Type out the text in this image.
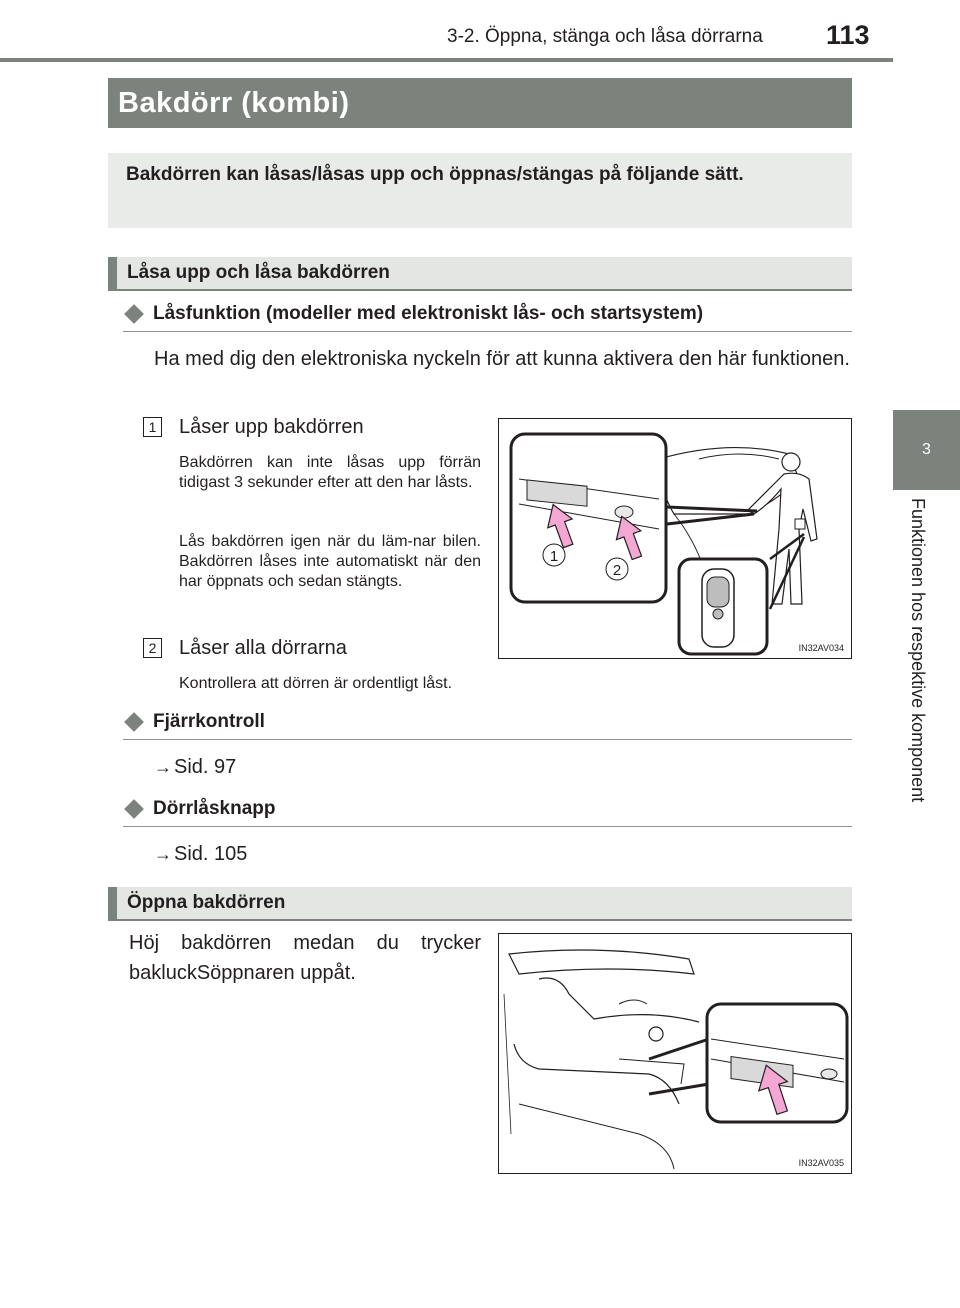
3-2. Öppna, stänga och låsa dörrarna 113
3
Funktionen hos respektive komponent
Bakdörr (kombi)
Bakdörren kan låsas/låsas upp och öppnas/stängas på följande sätt.
Låsa upp och låsa bakdörren
Låsfunktion (modeller med elektroniskt lås- och startsystem)
Ha med dig den elektroniska nyckeln för att kunna aktivera den här funktionen.
1 Låser upp bakdörren
Bakdörren kan inte låsas upp förrän tidigast 3 sekunder efter att den har låsts.
Lås bakdörren igen när du läm-nar bilen. Bakdörren låses inte automatiskt när den har öppnats och sedan stängts.
2 Låser alla dörrarna
Kontrollera att dörren är ordentligt låst.
1
2
IN32AV034
Fjärrkontroll
→ Sid. 97
Dörrlåsknapp
→ Sid. 105
Öppna bakdörren
Höj bakdörren medan du trycker bakluckSöppnaren uppåt.
IN32AV035
